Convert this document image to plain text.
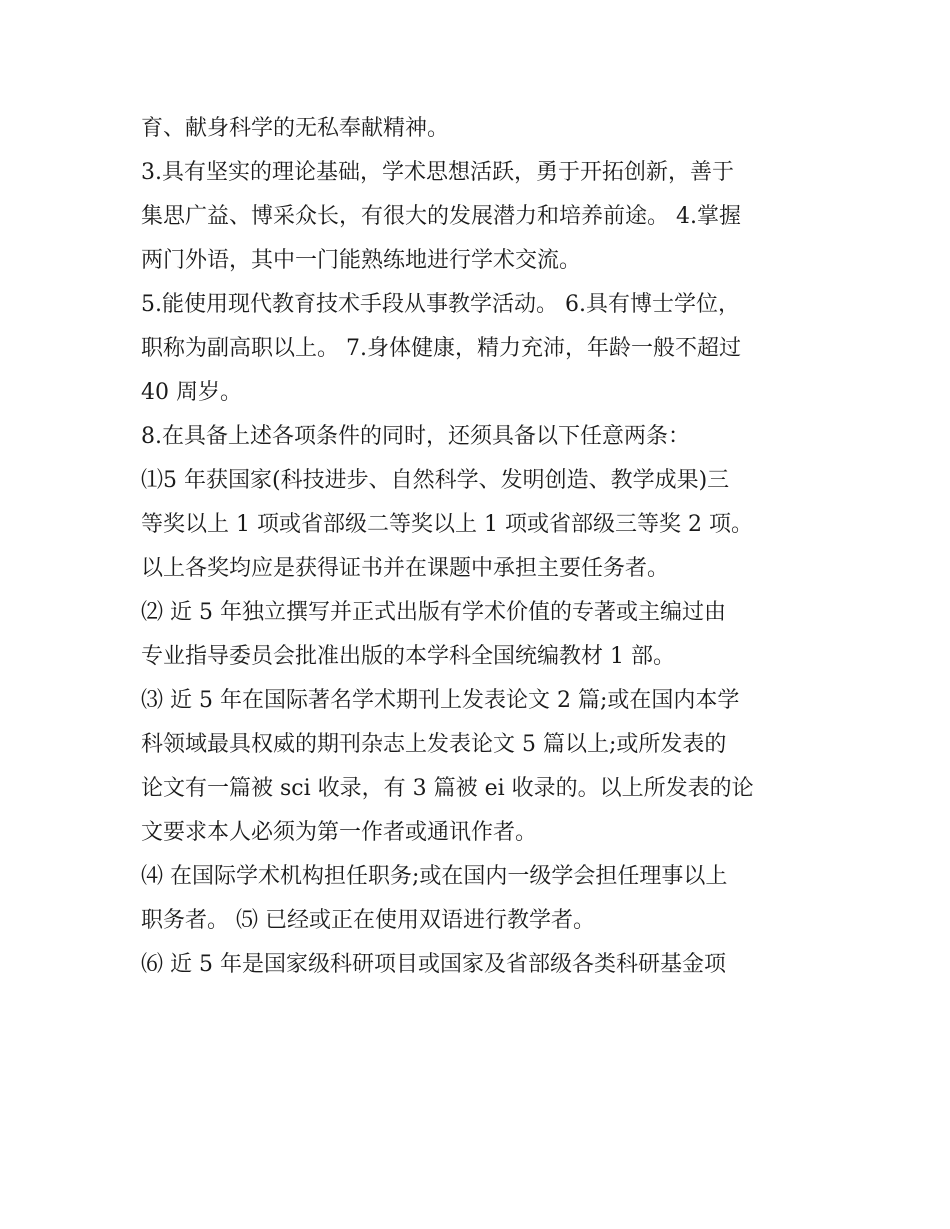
育、献身科学的无私奉献精神。
3.具有坚实的理论基础，学术思想活跃，勇于开拓创新，善于
集思广益、博采众长，有很大的发展潜力和培养前途。 4.掌握
两门外语，其中一门能熟练地进行学术交流。
5.能使用现代教育技术手段从事教学活动。 6.具有博士学位，
职称为副高职以上。 7.身体健康，精力充沛，年龄一般不超过
40 周岁。
8.在具备上述各项条件的同时，还须具备以下任意两条：
⑴5 年获国家(科技进步、自然科学、发明创造、教学成果)三
等奖以上 1 项或省部级二等奖以上 1 项或省部级三等奖 2 项。
以上各奖均应是获得证书并在课题中承担主要任务者。
⑵ 近 5 年独立撰写并正式出版有学术价值的专著或主编过由
专业指导委员会批准出版的本学科全国统编教材 1 部。
⑶ 近 5 年在国际著名学术期刊上发表论文 2 篇;或在国内本学
科领域最具权威的期刊杂志上发表论文 5 篇以上;或所发表的
论文有一篇被 sci 收录，有 3 篇被 ei 收录的。以上所发表的论
文要求本人必须为第一作者或通讯作者。
⑷ 在国际学术机构担任职务;或在国内一级学会担任理事以上
职务者。 ⑸ 已经或正在使用双语进行教学者。
⑹ 近 5 年是国家级科研项目或国家及省部级各类科研基金项
